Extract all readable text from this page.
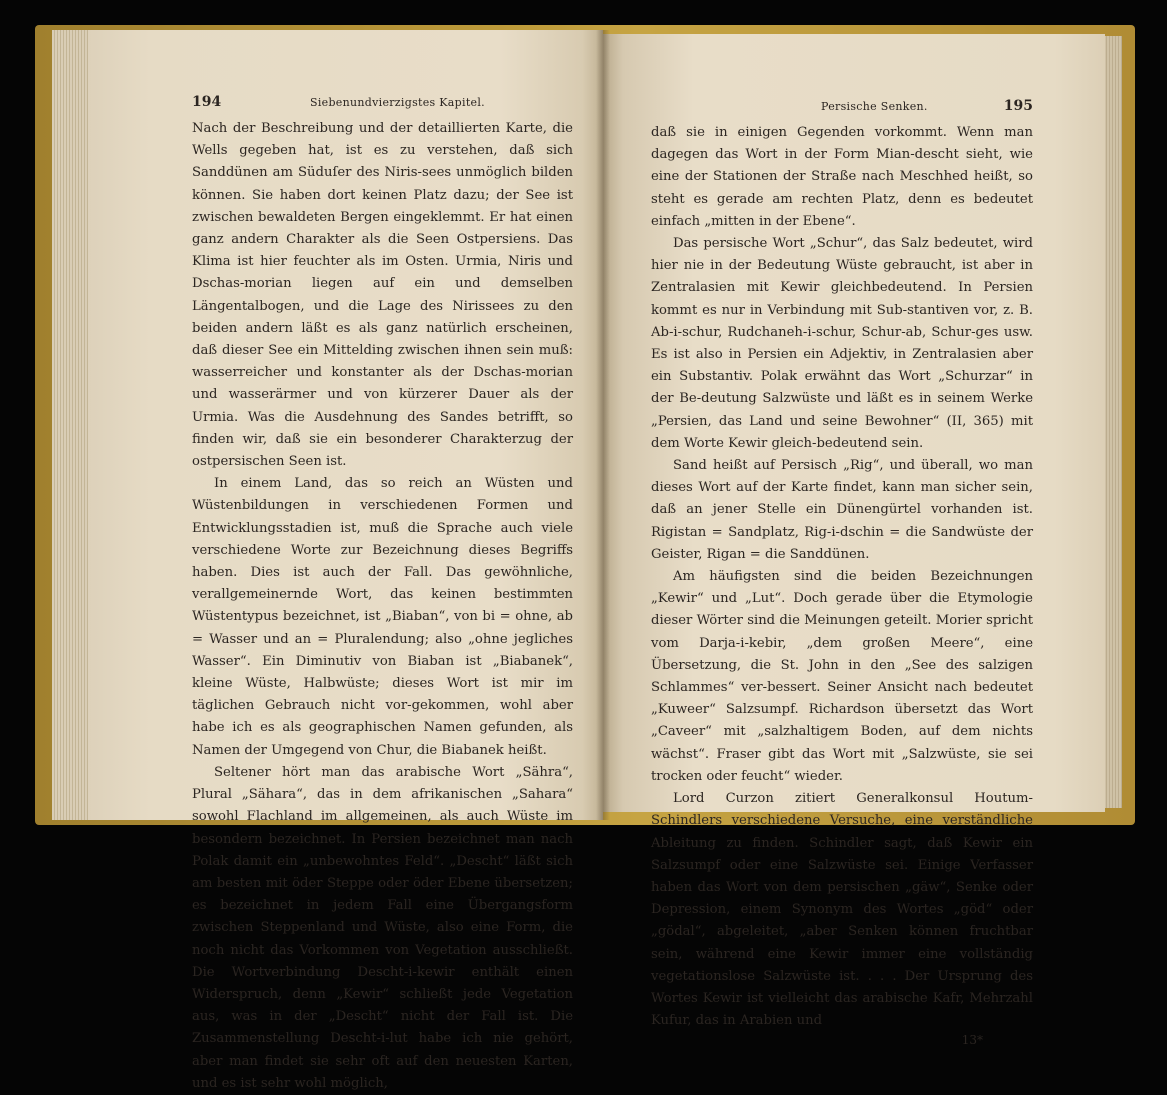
194	Siebenundvierzigstes Kapitel.

Nach der Beschreibung und der detaillierten Karte, die Wells gegeben hat, ist es zu verstehen, daß sich Sanddünen am Süduſer des Niris-sees unmöglich bilden können. Sie haben dort keinen Platz dazu; der See ist zwischen bewaldeten Bergen eingeklemmt. Er hat einen ganz andern Charakter als die Seen Ostpersiens. Das Klima ist hier feuchter als im Osten. Urmia, Niris und Dschas-morian liegen auf ein und demselben Längentalbogen, und die Lage des Nirissees zu den beiden andern läßt es als ganz natürlich erscheinen, daß dieser See ein Mittelding zwischen ihnen sein muß: wasserreicher und konstanter als der Dschas-morian und wasserärmer und von kürzerer Dauer als der Urmia. Was die Ausdehnung des Sandes betrifft, so finden wir, daß sie ein besonderer Charakterzug der ostpersischen Seen ist.

In einem Land, das so reich an Wüsten und Wüstenbildungen in verschiedenen Formen und Entwicklungsstadien ist, muß die Sprache auch viele verschiedene Worte zur Bezeichnung dieses Begriffs haben. Dies ist auch der Fall. Das gewöhnliche, verallgemeinernde Wort, das keinen bestimmten Wüstentypus bezeichnet, ist „Biaban“, von bi = ohne, ab = Wasser und an = Pluralendung; also „ohne jegliches Wasser“. Ein Diminutiv von Biaban ist „Biabanek“, kleine Wüste, Halbwüste; dieses Wort ist mir im täglichen Gebrauch nicht vor-gekommen, wohl aber habe ich es als geographischen Namen gefunden, als Namen der Umgegend von Chur, die Biabanek heißt.

Seltener hört man das arabische Wort „Sähra“, Plural „Sähara“, das in dem afrikanischen „Sahara“ sowohl Flachland im allgemeinen, als auch Wüste im besondern bezeichnet. In Persien bezeichnet man nach Polak damit ein „unbewohntes Feld“. „Descht“ läßt sich am besten mit öder Steppe oder öder Ebene übersetzen; es bezeichnet in jedem Fall eine Übergangsform zwischen Steppenland und Wüste, also eine Form, die noch nicht das Vorkommen von Vegetation ausschließt. Die Wortverbindung Descht-i-kewir enthält einen Widerspruch, denn „Kewir“ schließt jede Vegetation aus, was in der „Descht“ nicht der Fall ist. Die Zusammenstellung Descht-i-lut habe ich nie gehört, aber man findet sie sehr oft auf den neuesten Karten, und es ist sehr wohl möglich,

Persische Senken.	195

daß sie in einigen Gegenden vorkommt. Wenn man dagegen das Wort in der Form Mian-descht sieht, wie eine der Stationen der Straße nach Meschhed heißt, so steht es gerade am rechten Platz, denn es bedeutet einfach „mitten in der Ebene“.

Das persische Wort „Schur“, das Salz bedeutet, wird hier nie in der Bedeutung Wüste gebraucht, ist aber in Zentralasien mit Kewir gleichbedeutend. In Persien kommt es nur in Verbindung mit Sub-stantiven vor, z. B. Ab-i-schur, Rudchaneh-i-schur, Schur-ab, Schur-ges usw. Es ist also in Persien ein Adjektiv, in Zentralasien aber ein Substantiv. Polak erwähnt das Wort „Schurzar“ in der Be-deutung Salzwüste und läßt es in seinem Werke „Persien, das Land und seine Bewohner“ (II, 365) mit dem Worte Kewir gleich-bedeutend sein.

Sand heißt auf Persisch „Rig“, und überall, wo man dieses Wort auf der Karte findet, kann man sicher sein, daß an jener Stelle ein Dünengürtel vorhanden ist. Rigistan = Sandplatz, Rig-i-dschin = die Sandwüste der Geister, Rigan = die Sanddünen.

Am häufigsten sind die beiden Bezeichnungen „Kewir“ und „Lut“. Doch gerade über die Etymologie dieser Wörter sind die Meinungen geteilt. Morier spricht vom Darja-i-kebir, „dem großen Meere“, eine Übersetzung, die St. John in den „See des salzigen Schlammes“ ver-bessert. Seiner Ansicht nach bedeutet „Kuweer“ Salzsumpf. Richardson übersetzt das Wort „Caveer“ mit „salzhaltigem Boden, auf dem nichts wächst“. Fraser gibt das Wort mit „Salzwüste, sie sei trocken oder feucht“ wieder.

Lord Curzon zitiert Generalkonsul Houtum-Schindlers verschiedene Versuche, eine verständliche Ableitung zu finden. Schindler sagt, daß Kewir ein Salzsumpf oder eine Salzwüste sei. Einige Verfasser haben das Wort von dem persischen „gäw“, Senke oder Depression, einem Synonym des Wortes „göd“ oder „gödal“, abgeleitet, „aber Senken können fruchtbar sein, während eine Kewir immer eine vollständig vegetationslose Salzwüste ist. . . . Der Ursprung des Wortes Kewir ist vielleicht das arabische Kafr, Mehrzahl Kufur, das in Arabien und

13*
